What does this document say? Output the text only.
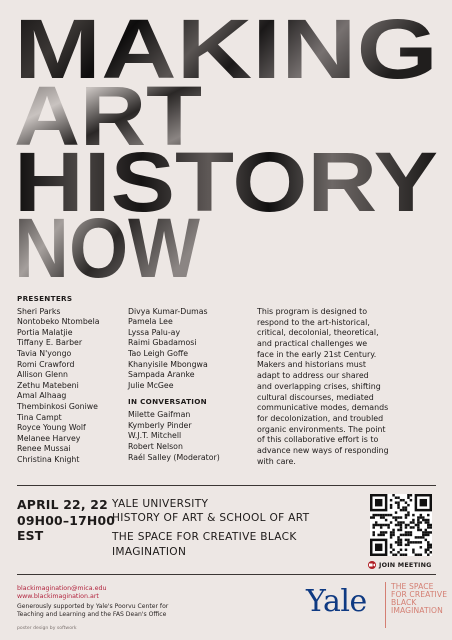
MAKING
ART
HISTORY
NOW
PRESENTERS
Sheri Parks
Nontobeko Ntombela
Portia Malatjie
Tiffany E. Barber
Tavia N'yongo
Romi Crawford
Allison Glenn
Zethu Matebeni
Amal Alhaag
Thembinkosi Goniwe
Tina Campt
Royce Young Wolf
Melanee Harvey
Renee Mussai
Christina Knight
Divya Kumar-Dumas
Pamela Lee
Lyssa Palu-ay
Raimi Gbadamosi
Tao Leigh Goffe
Khanyisile Mbongwa
Sampada Aranke
Julie McGee
IN CONVERSATION
Milette Gaifman
Kymberly Pinder
W.J.T. Mitchell
Robert Nelson
Raél Salley (Moderator)
This program is designed to
respond to the art-historical,
critical, decolonial, theoretical,
and practical challenges we
face in the early 21st Century.
Makers and historians must
adapt to address our shared
and overlapping crises, shifting
cultural discourses, mediated
communicative modes, demands
for decolonization, and troubled
organic environments. The point
of this collaborative effort is to
advance new ways of responding
with care.
APRIL 22, 22
09H00–17H00
EST
YALE UNIVERSITY
HISTORY OF ART & SCHOOL OF ART
THE SPACE FOR CREATIVE BLACK
IMAGINATION
JOIN MEETING
blackimagination@mica.edu
www.blackimagination.art
Generously supported by Yale's Poorvu Center for
Teaching and Learning and the FAS Dean's Office
poster design by softwork
Yale	THE SPACE
FOR CREATIVE
BLACK
IMAGINATION
